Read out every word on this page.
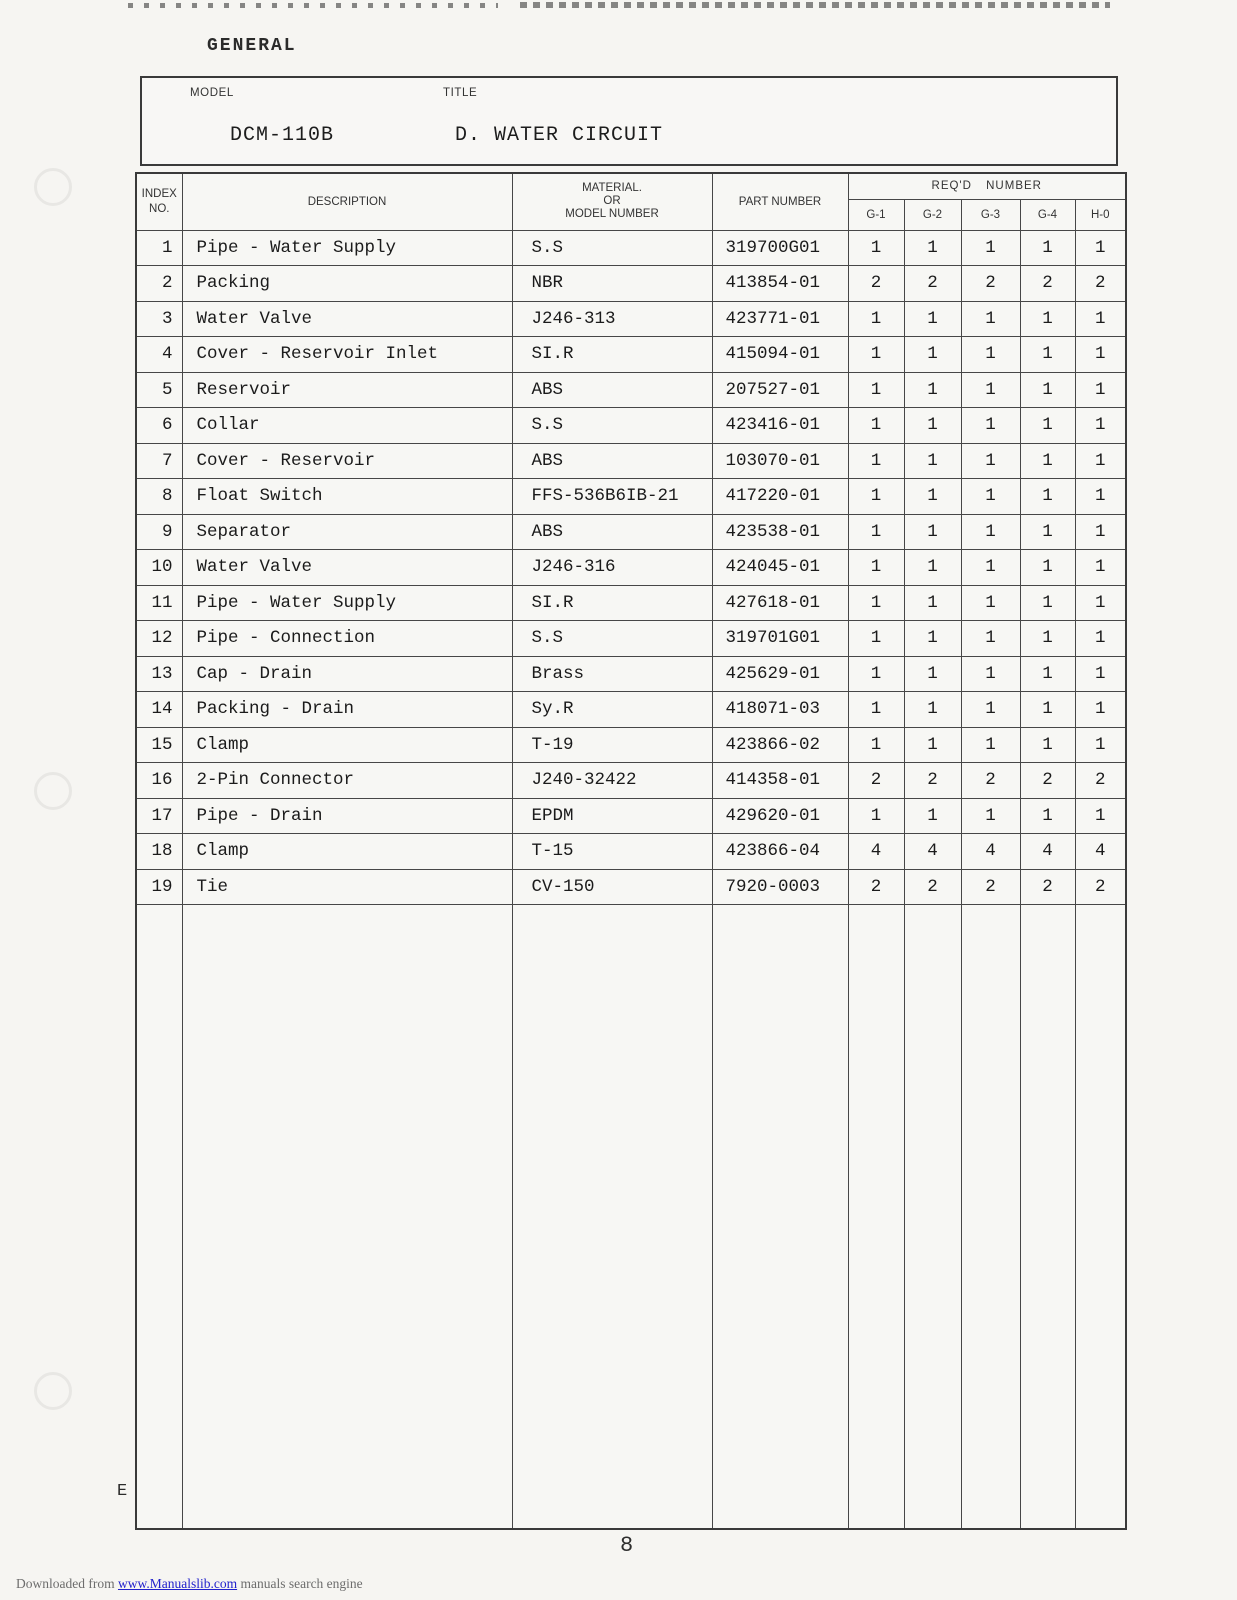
GENERAL
MODEL	TITLE
DCM-110B	D. WATER CIRCUIT
INDEX
NO.	DESCRIPTION	MATERIAL.
OR
MODEL NUMBER	PART NUMBER	REQ'D NUMBER				
				G-1	G-2	G-3	G-4	H-0
1	Pipe - Water Supply	S.S	319700G01	1	1	1	1	1
2	Packing	NBR	413854-01	2	2	2	2	2
3	Water Valve	J246-313	423771-01	1	1	1	1	1
4	Cover - Reservoir Inlet	SI.R	415094-01	1	1	1	1	1
5	Reservoir	ABS	207527-01	1	1	1	1	1
6	Collar	S.S	423416-01	1	1	1	1	1
7	Cover - Reservoir	ABS	103070-01	1	1	1	1	1
8	Float Switch	FFS-536B6IB-21	417220-01	1	1	1	1	1
9	Separator	ABS	423538-01	1	1	1	1	1
10	Water Valve	J246-316	424045-01	1	1	1	1	1
11	Pipe - Water Supply	SI.R	427618-01	1	1	1	1	1
12	Pipe - Connection	S.S	319701G01	1	1	1	1	1
13	Cap - Drain	Brass	425629-01	1	1	1	1	1
14	Packing - Drain	Sy.R	418071-03	1	1	1	1	1
15	Clamp	T-19	423866-02	1	1	1	1	1
16	2-Pin Connector	J240-32422	414358-01	2	2	2	2	2
17	Pipe - Drain	EPDM	429620-01	1	1	1	1	1
18	Clamp	T-15	423866-04	4	4	4	4	4
19	Tie	CV-150	7920-0003	2	2	2	2	2

E
8
Downloaded from www.Manualslib.com manuals search engine
